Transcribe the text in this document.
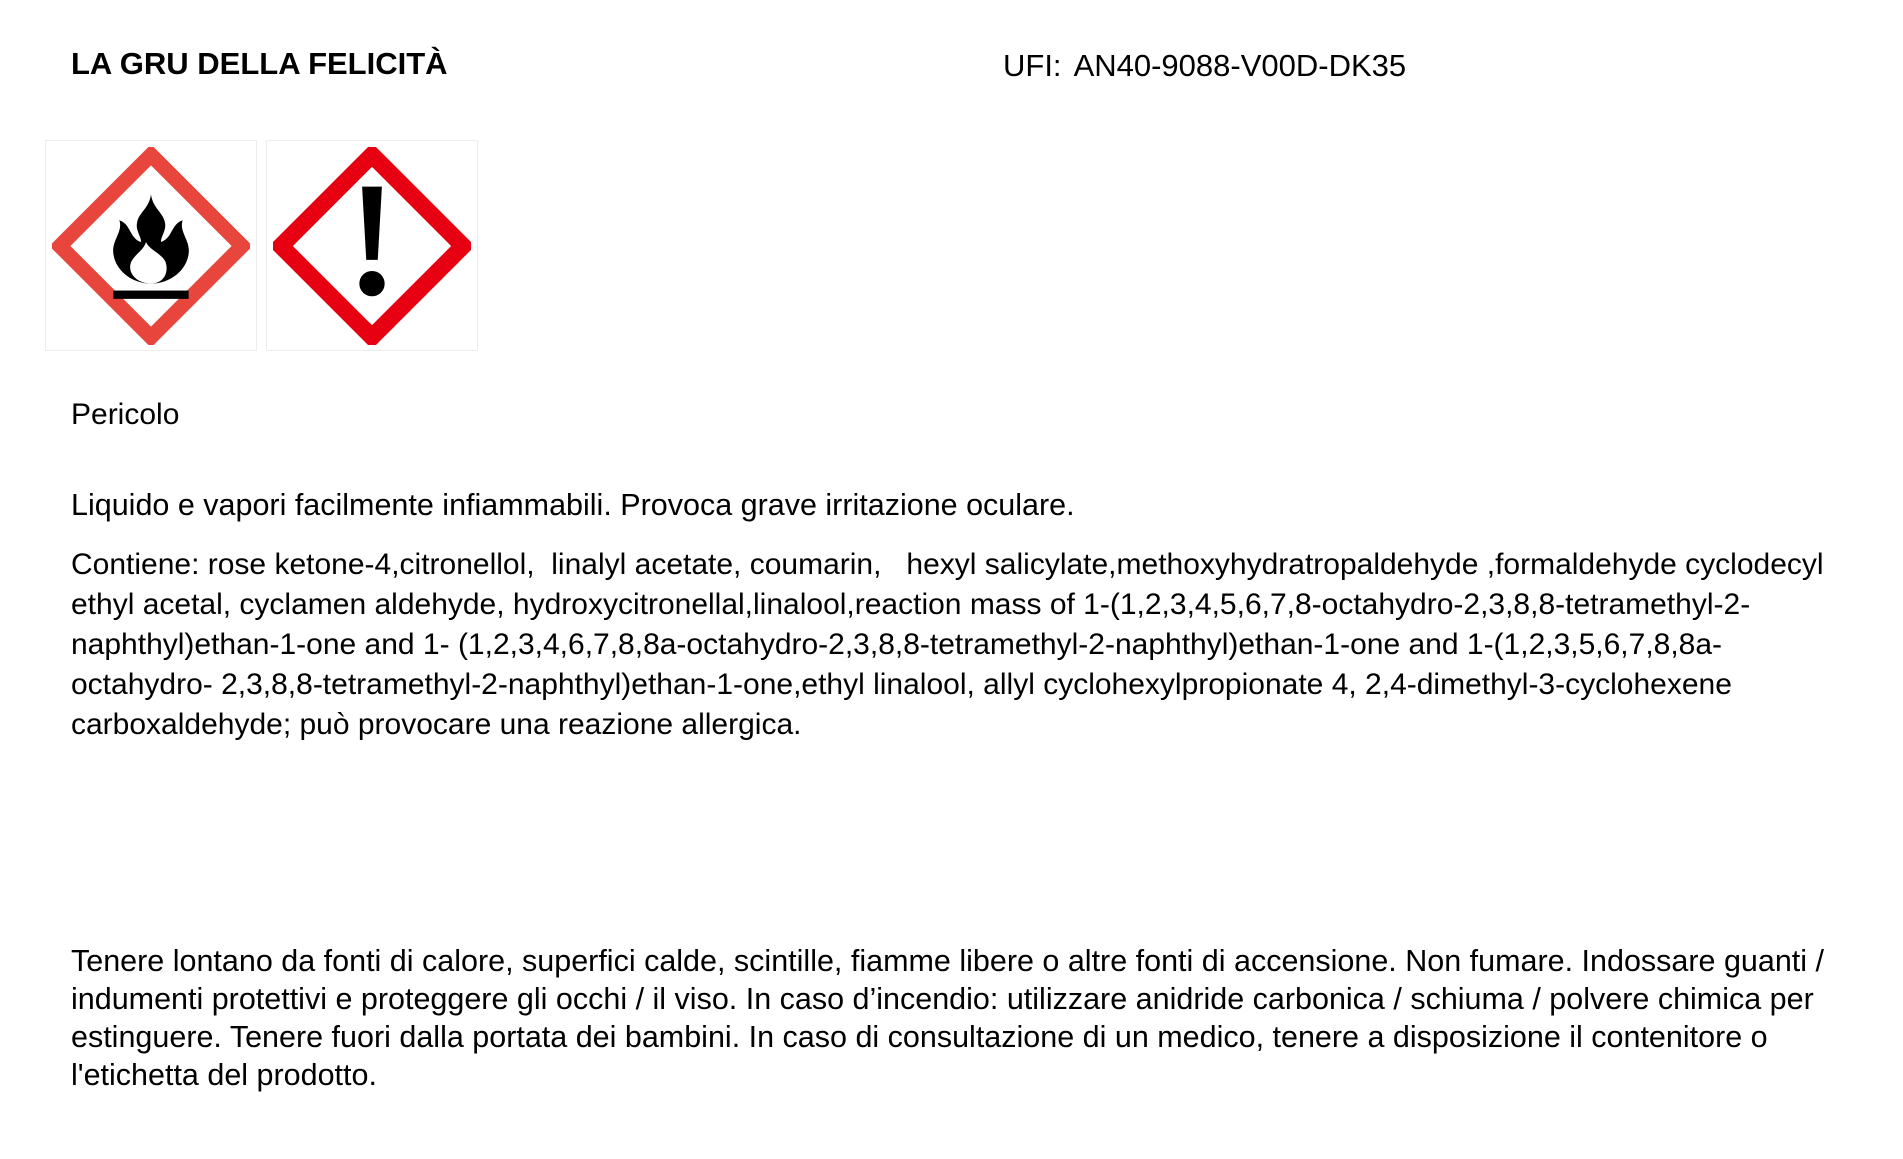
LA GRU DELLA FELICITÀ	UFI: AN40-9088-V00D-DK35

Pericolo

Liquido e vapori facilmente infiammabili. Provoca grave irritazione oculare.

Contiene: rose ketone-4,citronellol,  linalyl acetate, coumarin,   hexyl salicylate,methoxyhydratropaldehyde ,formaldehyde cyclodecyl ethyl acetal, cyclamen aldehyde, hydroxycitronellal,linalool,reaction mass of 1-(1,2,3,4,5,6,7,8-octahydro-2,3,8,8-tetramethyl-2-naphthyl)ethan-1-one and 1- (1,2,3,4,6,7,8,8a-octahydro-2,3,8,8-tetramethyl-2-naphthyl)ethan-1-one and 1-(1,2,3,5,6,7,8,8a-octahydro- 2,3,8,8-tetramethyl-2-naphthyl)ethan-1-one,ethyl linalool, allyl cyclohexylpropionate 4, 2,4-dimethyl-3-cyclohexene carboxaldehyde; può provocare una reazione allergica.

Tenere lontano da fonti di calore, superfici calde, scintille, fiamme libere o altre fonti di accensione. Non fumare. Indossare guanti / indumenti protettivi e proteggere gli occhi / il viso. In caso d’incendio: utilizzare anidride carbonica / schiuma / polvere chimica per estinguere. Tenere fuori dalla portata dei bambini. In caso di consultazione di un medico, tenere a disposizione il contenitore o l'etichetta del prodotto.
